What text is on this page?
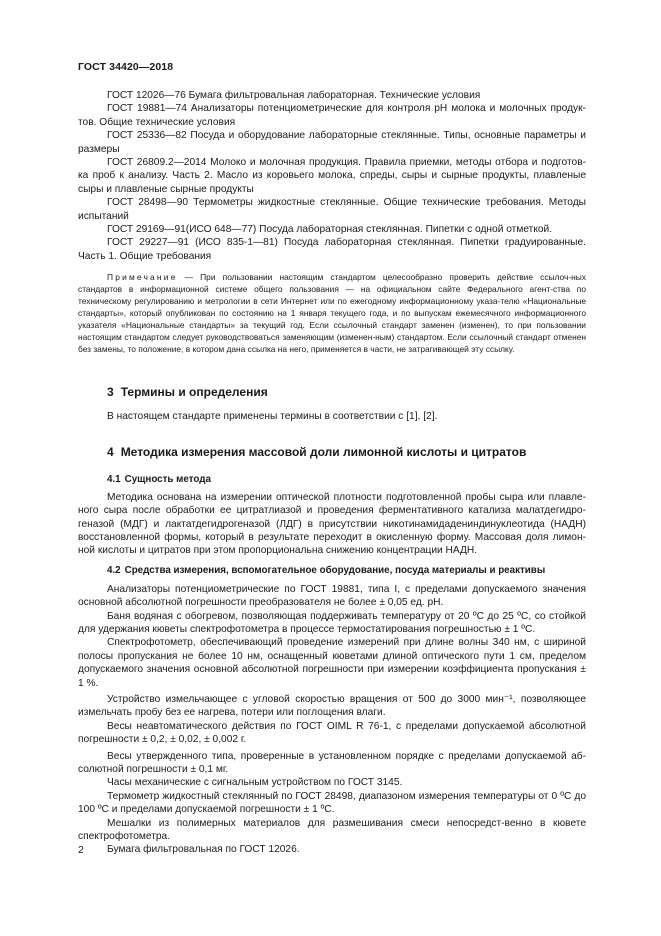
ГОСТ 34420—2018

ГОСТ 12026—76 Бумага фильтровальная лабораторная. Технические условия

ГОСТ 19881—74 Анализаторы потенциометрические для контроля рН молока и молочных продук-тов. Общие технические условия

ГОСТ 25336—82 Посуда и оборудование лабораторные стеклянные. Типы, основные параметры и размеры

ГОСТ 26809.2—2014 Молоко и молочная продукция. Правила приемки, методы отбора и подготов-ка проб к анализу. Часть 2. Масло из коровьего молока, спреды, сыры и сырные продукты, плавленые сыры и плавленые сырные продукты

ГОСТ 28498—90 Термометры жидкостные стеклянные. Общие технические требования. Методы испытаний

ГОСТ 29169—91(ИСО 648—77) Посуда лабораторная стеклянная. Пипетки с одной отметкой.

ГОСТ 29227—91 (ИСО 835-1—81) Посуда лабораторная стеклянная. Пипетки градуированные. Часть 1. Общие требования

Примечание — При пользовании настоящим стандартом целесообразно проверить действие ссылоч-ных стандартов в информационной системе общего пользования — на официальном сайте Федерального агент-ства по техническому регулированию и метрологии в сети Интернет или по ежегодному информационному указа-телю «Национальные стандарты», который опубликован по состоянию на 1 января текущего года, и по выпускам ежемесячного информационного указателя «Национальные стандарты» за текущий год. Если ссылочный стандарт заменен (изменен), то при пользовании настоящим стандартом следует руководствоваться заменяющим (изменен-ным) стандартом. Если ссылочный стандарт отменен без замены, то положение, в котором дана ссылка на него, применяется в части, не затрагивающей эту ссылку.

3 Термины и определения

В настоящем стандарте применены термины в соответствии с [1], [2].

4 Методика измерения массовой доли лимонной кислоты и цитратов
4.1 Сущность метода

Методика основана на измерении оптической плотности подготовленной пробы сыра или плавле-ного сыра после обработки ее цитратлиазой и проведения ферментативного катализа малатдегидро-геназой (МДГ) и лактатдегидрогеназой (ЛДГ) в присутствии никотинамидадениндинуклеотида (НАДН) восстановленной формы, который в результате переходит в окисленную форму. Массовая доля лимон-ной кислоты и цитратов при этом пропорциональна снижению концентрации НАДН.

4.2 Средства измерения, вспомогательное оборудование, посуда материалы и реактивы

Анализаторы потенциометрические по ГОСТ 19881, типа I, с пределами допускаемого значения основной абсолютной погрешности преобразователя не более ± 0,05 ед. рН.

Баня водяная с обогревом, позволяющая поддерживать температуру от 20 ºС до 25 ºС, со стойкой для удержания кюветы спектрофотометра в процессе термостатирования погрешностью ± 1 ºС.

Спектрофотометр, обеспечивающий проведение измерений при длине волны 340 нм, с шириной полосы пропускания не более 10 нм, оснащенный кюветами длиной оптического пути 1 см, пределом допускаемого значения основной абсолютной погрешности при измерении коэффициента пропускания ± 1 %.

Устройство измельчающее с угловой скоростью вращения от 500 до 3000 мин⁻¹, позволяющее измельчать пробу без ее нагрева, потери или поглощения влаги.

Весы неавтоматического действия по ГОСТ OIML R 76-1, с пределами допускаемой абсолютной погрешности ± 0,2, ± 0,02, ± 0,002 г.

Весы утвержденного типа, проверенные в установленном порядке с пределами допускаемой аб-солютной погрешности ± 0,1 мг.

Часы механические с сигнальным устройством по ГОСТ 3145.

Термометр жидкостный стеклянный по ГОСТ 28498, диапазоном измерения температуры от 0 ºС до 100 ºС и пределами допускаемой погрешности ± 1 ºС.

Мешалки из полимерных материалов для размешивания смеси непосредст-венно в кювете спектрофотометра.

Бумага фильтровальная по ГОСТ 12026.

2
